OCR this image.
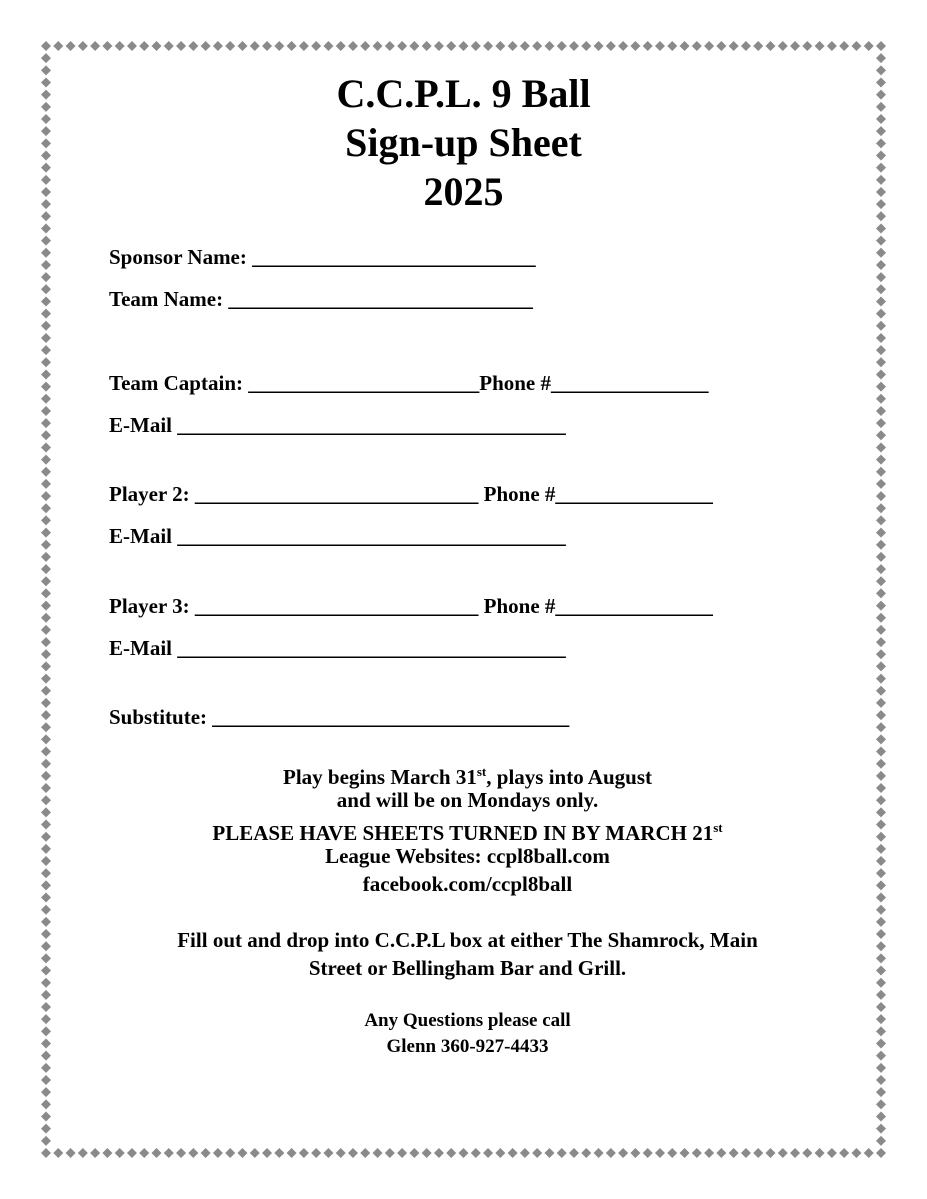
C.C.P.L. 9 Ball
Sign-up Sheet
2025
Sponsor Name: ___________________________
Team Name: _____________________________
Team Captain: ______________________Phone #_______________
E-Mail _____________________________________
Player 2: ___________________________ Phone #_______________
E-Mail _____________________________________
Player 3: ___________________________ Phone #_______________
E-Mail _____________________________________
Substitute: __________________________________
Play begins March 31st, plays into August
and will be on Mondays only.
PLEASE HAVE SHEETS TURNED IN BY MARCH 21st
League Websites: ccpl8ball.com
facebook.com/ccpl8ball
Fill out and drop into C.C.P.L box at either The Shamrock, Main
Street or Bellingham Bar and Grill.
Any Questions please call
Glenn 360-927-4433
